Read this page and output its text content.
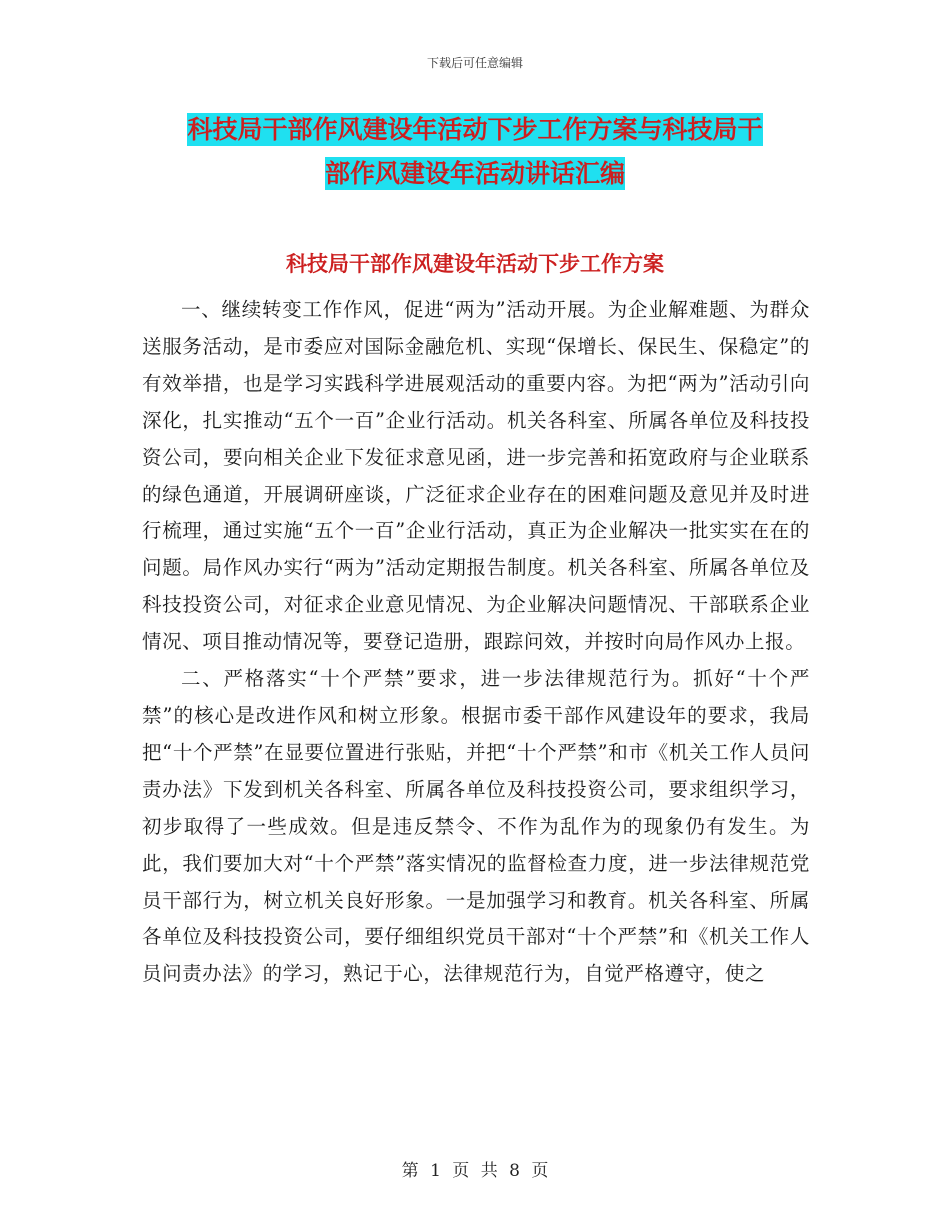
下载后可任意编辑
科技局干部作风建设年活动下步工作方案与科技局干
部作风建设年活动讲话汇编
科技局干部作风建设年活动下步工作方案

一、继续转变工作作风，促进“两为”活动开展。为企业解难题、为群众送服务活动，是市委应对国际金融危机、实现“保增长、保民生、保稳定”的有效举措，也是学习实践科学进展观活动的重要内容。为把“两为”活动引向深化，扎实推动“五个一百”企业行活动。机关各科室、所属各单位及科技投资公司，要向相关企业下发征求意见函，进一步完善和拓宽政府与企业联系的绿色通道，开展调研座谈，广泛征求企业存在的困难问题及意见并及时进行梳理，通过实施“五个一百”企业行活动，真正为企业解决一批实实在在的问题。局作风办实行“两为”活动定期报告制度。机关各科室、所属各单位及科技投资公司，对征求企业意见情况、为企业解决问题情况、干部联系企业情况、项目推动情况等，要登记造册，跟踪问效，并按时向局作风办上报。

二、严格落实“十个严禁”要求，进一步法律规范行为。抓好“十个严禁”的核心是改进作风和树立形象。根据市委干部作风建设年的要求，我局把“十个严禁”在显要位置进行张贴，并把“十个严禁”和市《机关工作人员问责办法》下发到机关各科室、所属各单位及科技投资公司，要求组织学习，初步取得了一些成效。但是违反禁令、不作为乱作为的现象仍有发生。为此，我们要加大对“十个严禁”落实情况的监督检查力度，进一步法律规范党员干部行为，树立机关良好形象。一是加强学习和教育。机关各科室、所属各单位及科技投资公司，要仔细组织党员干部对“十个严禁”和《机关工作人员问责办法》的学习，熟记于心，法律规范行为，自觉严格遵守，使之

第 1 页 共 8 页
